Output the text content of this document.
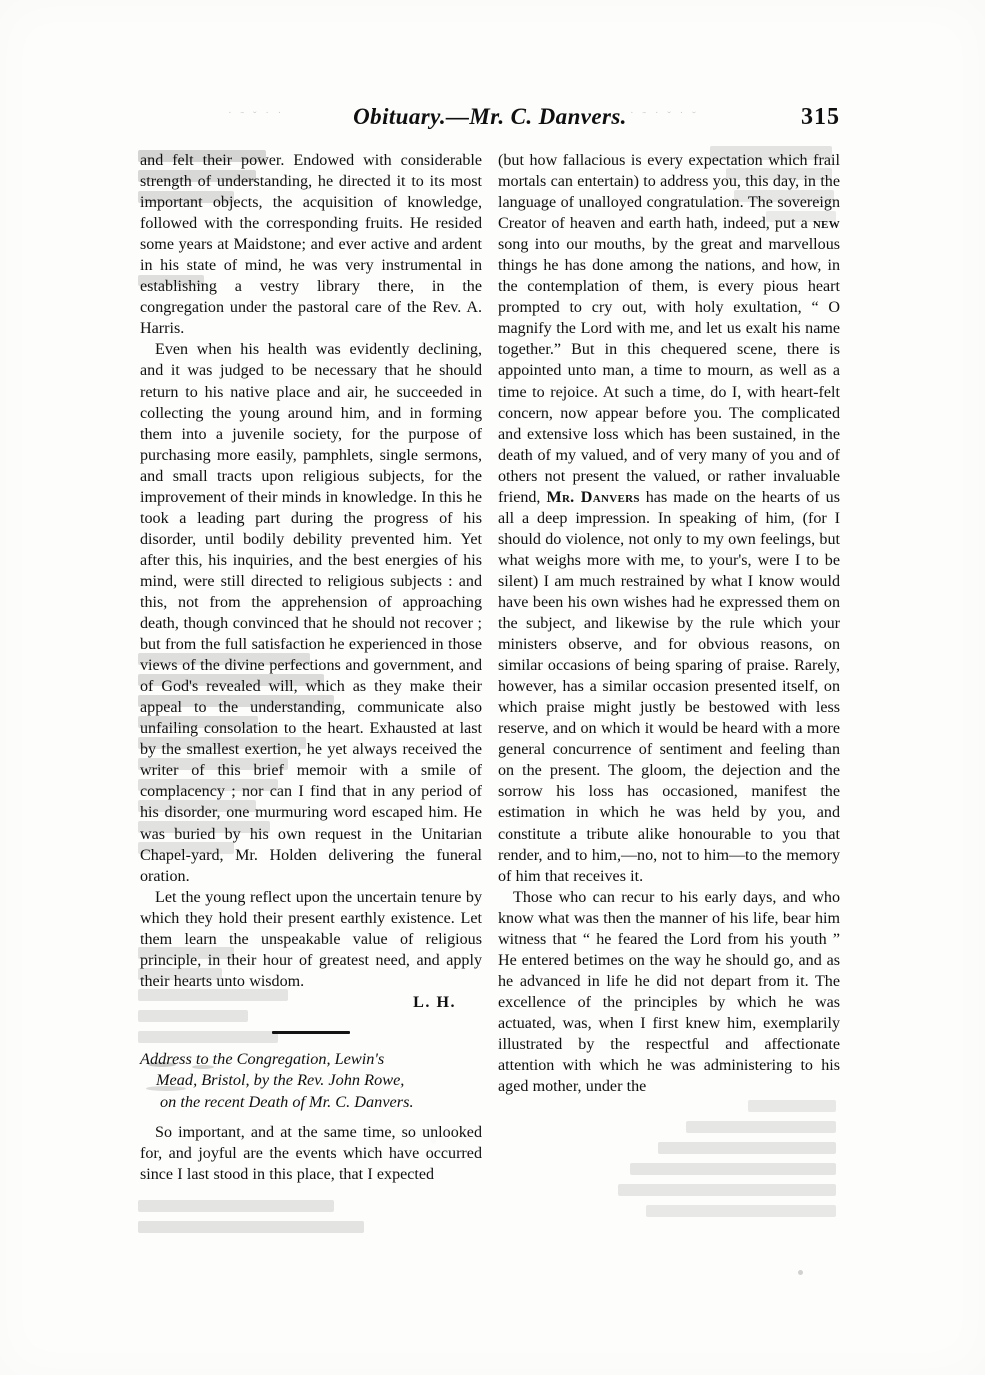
˙ ˜ ˇ ˙ ˙	Obituary.—Mr. C. Danvers. ˙ ˜ ˙ ˇ ˙ ˘	315

and felt their power. Endowed with considerable strength of understanding, he directed it to its most important objects, the acquisition of knowledge, followed with the corresponding fruits. He resided some years at Maidstone; and ever active and ardent in his state of mind, he was very instrumental in establishing a vestry library there, in the congregation under the pastoral care of the Rev. A. Harris.

Even when his health was evidently declining, and it was judged to be necessary that he should return to his native place and air, he succeeded in collecting the young around him, and in forming them into a juvenile society, for the purpose of purchasing more easily, pamphlets, single sermons, and small tracts upon religious subjects, for the improvement of their minds in knowledge. In this he took a leading part during the progress of his disorder, until bodily debility prevented him. Yet after this, his inquiries, and the best energies of his mind, were still directed to religious subjects : and this, not from the apprehension of approaching death, though convinced that he should not recover ; but from the full satisfaction he experienced in those views of the divine perfections and government, and of God's revealed will, which as they make their appeal to the understanding, communicate also unfailing consolation to the heart. Exhausted at last by the smallest exertion, he yet always received the writer of this brief memoir with a smile of complacency ; nor can I find that in any period of his disorder, one murmuring word escaped him. He was buried by his own request in the Unitarian Chapel-yard, Mr. Holden delivering the funeral oration.

Let the young reflect upon the uncertain tenure by which they hold their present earthly existence. Let them learn the unspeakable value of religious principle, in their hour of greatest need, and apply their hearts unto wisdom.

L. H.

Address to the Congregation, Lewin's
Mead, Bristol, by the Rev. John Rowe,
on the recent Death of Mr. C. Danvers.

So important, and at the same time, so unlooked for, and joyful are the events which have occurred since I last stood in this place, that I expected

(but how fallacious is every expectation which frail mortals can entertain) to address you, this day, in the language of unalloyed congratulation. The sovereign Creator of heaven and earth hath, indeed, put a new song into our mouths, by the great and marvellous things he has done among the nations, and how, in the contemplation of them, is every pious heart prompted to cry out, with holy exultation, “ O magnify the Lord with me, and let us exalt his name together.” But in this chequered scene, there is appointed unto man, a time to mourn, as well as a time to rejoice. At such a time, do I, with heart-felt concern, now appear before you. The complicated and extensive loss which has been sustained, in the death of my valued, and of very many of you and of others not present the valued, or rather invaluable friend, Mr. Danvers has made on the hearts of us all a deep impression. In speaking of him, (for I should do violence, not only to my own feelings, but what weighs more with me, to your's, were I to be silent) I am much restrained by what I know would have been his own wishes had he expressed them on the subject, and likewise by the rule which your ministers observe, and for obvious reasons, on similar occasions of being sparing of praise. Rarely, however, has a similar occasion presented itself, on which praise might justly be bestowed with less reserve, and on which it would be heard with a more general concurrence of sentiment and feeling than on the present. The gloom, the dejection and the sorrow his loss has occasioned, manifest the estimation in which he was held by you, and constitute a tribute alike honourable to you that render, and to him,—no, not to him—to the memory of him that receives it.

Those who can recur to his early days, and who know what was then the manner of his life, bear him witness that “ he feared the Lord from his youth ” He entered betimes on the way he should go, and as he advanced in life he did not depart from it. The excellence of the principles by which he was actuated, was, when I first knew him, exemplarily illustrated by the respectful and affectionate attention with which he was administering to his aged mother, under the
